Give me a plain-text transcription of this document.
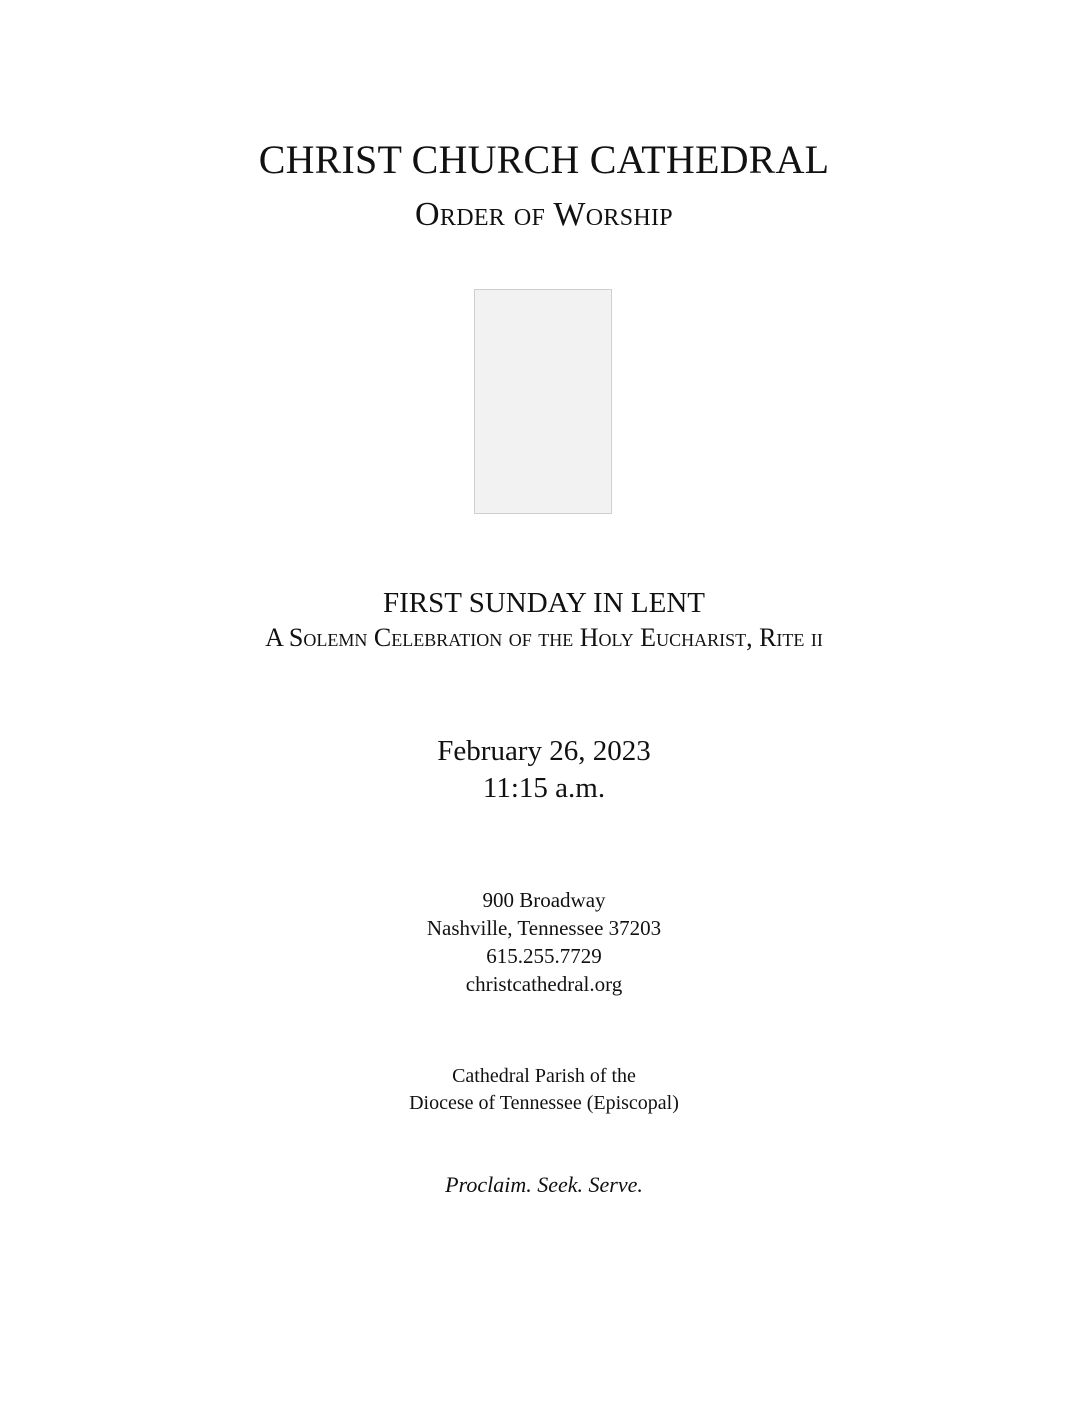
CHRIST CHURCH CATHEDRAL
Order of Worship
FIRST SUNDAY IN LENT
A Solemn Celebration of the Holy Eucharist, Rite ii
February 26, 2023
11:15 a.m.
900 Broadway
Nashville, Tennessee 37203
615.255.7729
christcathedral.org
Cathedral Parish of the
Diocese of Tennessee (Episcopal)
Proclaim. Seek. Serve.
